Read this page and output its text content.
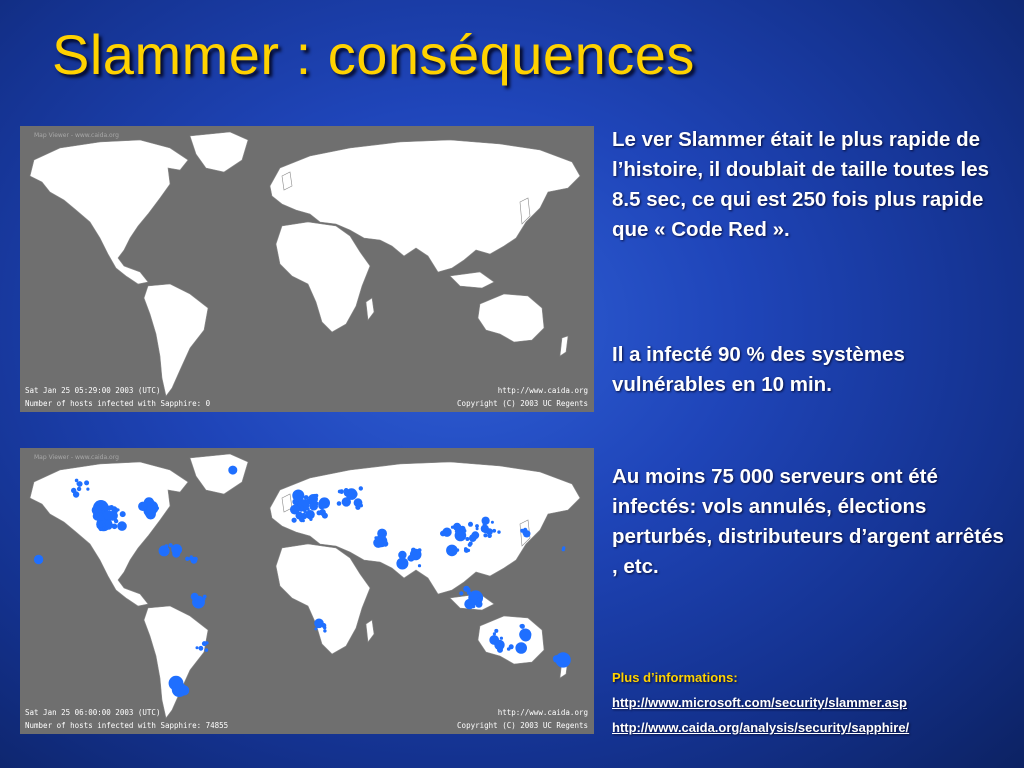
Slammer : conséquences
Map Viewer - www.caida.org
Sat Jan 25 05:29:00 2003 (UTC)
Number of hosts infected with Sapphire: 0
http://www.caida.org
Copyright (C) 2003 UC Regents
Map Viewer - www.caida.org
Sat Jan 25 06:00:00 2003 (UTC)
Number of hosts infected with Sapphire: 74855
http://www.caida.org
Copyright (C) 2003 UC Regents

Le ver Slammer était le plus rapide de l’histoire, il doublait de taille toutes les 8.5 sec, ce qui est 250 fois plus rapide que « Code Red ».

Il a infecté 90 % des systèmes vulnérables en 10 min.

Au moins 75 000 serveurs ont été infectés: vols annulés, élections perturbés, distributeurs d’argent arrêtés , etc.

Plus d’informations:
http://www.microsoft.com/security/slammer.asp
http://www.caida.org/analysis/security/sapphire/
